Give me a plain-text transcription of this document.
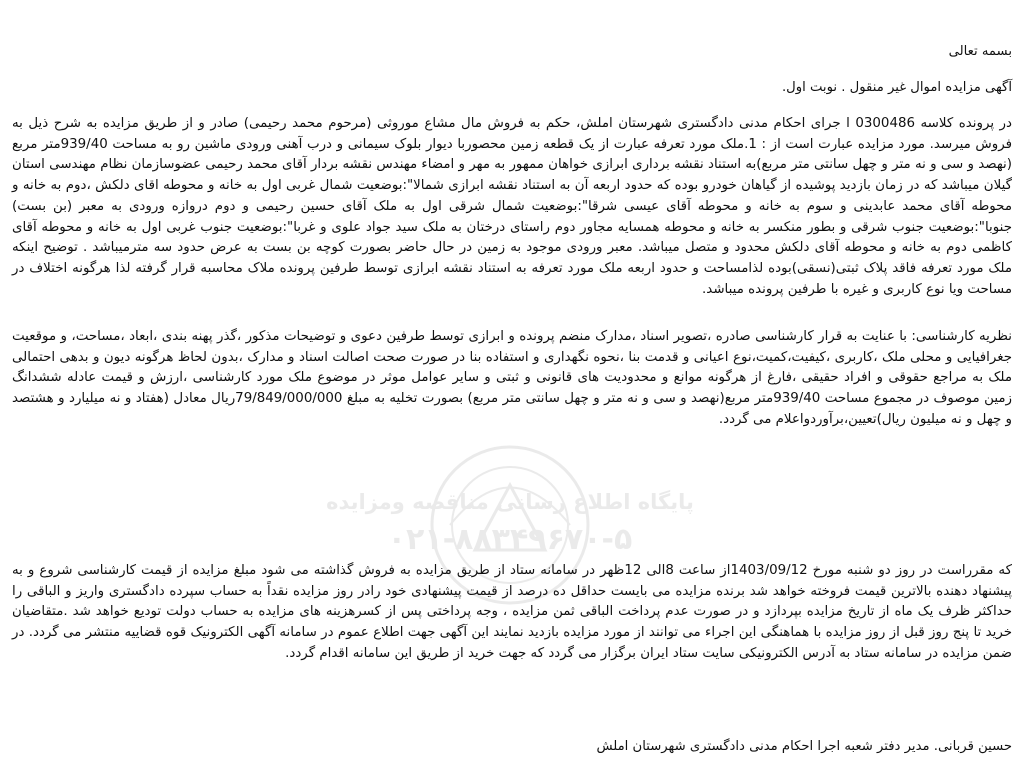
پایگاه اطلاع رسانی مناقصه ومزایده
۰۲۱-۸۸۳۴۹۶۷۰-۵
بسمه تعالی
آگهی مزایده اموال غیر منقول . نوبت اول.
در پرونده کلاسه 0300486 ا جرای احکام مدنی دادگستری شهرستان املش، حکم به فروش مال مشاع موروثی (مرحوم محمد رحیمی) صادر و از طریق مزایده به شرح ذیل به فروش میرسد. مورد مزایده عبارت است از : 1.ملک مورد تعرفه عبارت از یک قطعه زمین محصوربا دیوار بلوک سیمانی و درب آهنی ورودی ماشین رو به مساحت 939/40متر مربع (نهصد و سی و نه متر و چهل سانتی متر مربع)به استناد نقشه برداری ابرازی خواهان ممهور به مهر و امضاء مهندس نقشه بردار آقای محمد رحیمی عضوسازمان نظام مهندسی استان گیلان میباشد که در زمان بازدید پوشیده از گیاهان خودرو بوده که حدود اربعه آن به استناد نقشه ابرازی شمالا":بوضعیت شمال غربی اول به خانه و محوطه اقای دلکش ،دوم به خانه و محوطه آقای محمد عابدینی و سوم به خانه و محوطه آقای عیسی شرقا":بوضعیت شمال شرقی اول به ملک آقای حسین رحیمی و دوم دروازه ورودی به معبر (بن بست) جنوبا":بوضعیت جنوب شرقی و بطور منکسر به خانه و محوطه همسایه مجاور دوم راستای درختان به ملک سید جواد علوی و غربا":بوضعیت جنوب غربی اول به خانه و محوطه آقای کاظمی دوم به خانه و محوطه آقای دلکش محدود و متصل میباشد. معبر ورودی موجود به زمین در حال حاضر بصورت کوچه بن بست به عرض حدود سه مترمیباشد . توضیح اینکه ملک مورد تعرفه فاقد پلاک ثبتی(نسقی)بوده لذامساحت و حدود اربعه ملک مورد تعرفه به استناد نقشه ابرازی توسط طرفین پرونده ملاک محاسبه قرار گرفته لذا هرگونه اختلاف در مساحت ویا نوع کاربری و غیره با طرفین پرونده میباشد.
نظریه کارشناسی: با عنایت به قرار کارشناسی صادره ،تصویر اسناد ،مدارک منضم پرونده و ابرازی توسط طرفین دعوی و توضیحات مذکور ،گذر پهنه بندی ،ابعاد ،مساحت، و موقعیت جغرافیایی و محلی ملک ،کاربری ،کیفیت،کمیت،نوع اعیانی و قدمت بنا ،نحوه نگهداری و استفاده بنا در صورت صحت اصالت اسناد و مدارک ،بدون لحاظ هرگونه دیون و بدهی احتمالی ملک به مراجع حقوقی و افراد حقیقی ،فارغ از هرگونه موانع و محدودیت های قانونی و ثبتی و سایر عوامل موثر در موضوع ملک مورد کارشناسی ،ارزش و قیمت عادله ششدانگ زمین موصوف در مجموع مساحت 939/40متر مربع(نهصد و سی و نه متر و چهل سانتی متر مربع) بصورت تخلیه به مبلغ 79/849/000/000ریال معادل (هفتاد و نه میلیارد و هشتصد و چهل و نه میلیون ریال)تعیین،برآوردواعلام می گردد.
که مقرراست در روز دو شنبه مورخ 1403/09/12از ساعت 8الی 12ظهر در سامانه ستاد از طریق مزایده به فروش گذاشته می شود مبلغ مزایده از قیمت کارشناسی شروع و به پیشنهاد دهنده بالاترین قیمت فروخته خواهد شد برنده مزایده می بایست حداقل ده درصد از قیمت پیشنهادی خود رادر روز مزایده نقداً به حساب سپرده دادگستری واریز و الباقی را حداکثر ظرف یک ماه از تاریخ مزایده بپردازد و در صورت عدم پرداخت الباقی ثمن مزایده ، وجه پرداختی پس از کسرهزینه های مزایده به حساب دولت تودیع خواهد شد .متقاضیان خرید تا پنج روز قبل از روز مزایده با هماهنگی این اجراء می توانند از مورد مزایده بازدید نمایند این آگهی جهت اطلاع عموم در سامانه آگهی الکترونیک قوه قضاییه منتشر می گردد. در ضمن مزایده در سامانه ستاد به آدرس الکترونیکی سایت ستاد ایران برگزار می گردد که جهت خرید از طریق این سامانه اقدام گردد.
حسین قربانی. مدیر دفتر شعبه اجرا احکام مدنی دادگستری شهرستان املش
